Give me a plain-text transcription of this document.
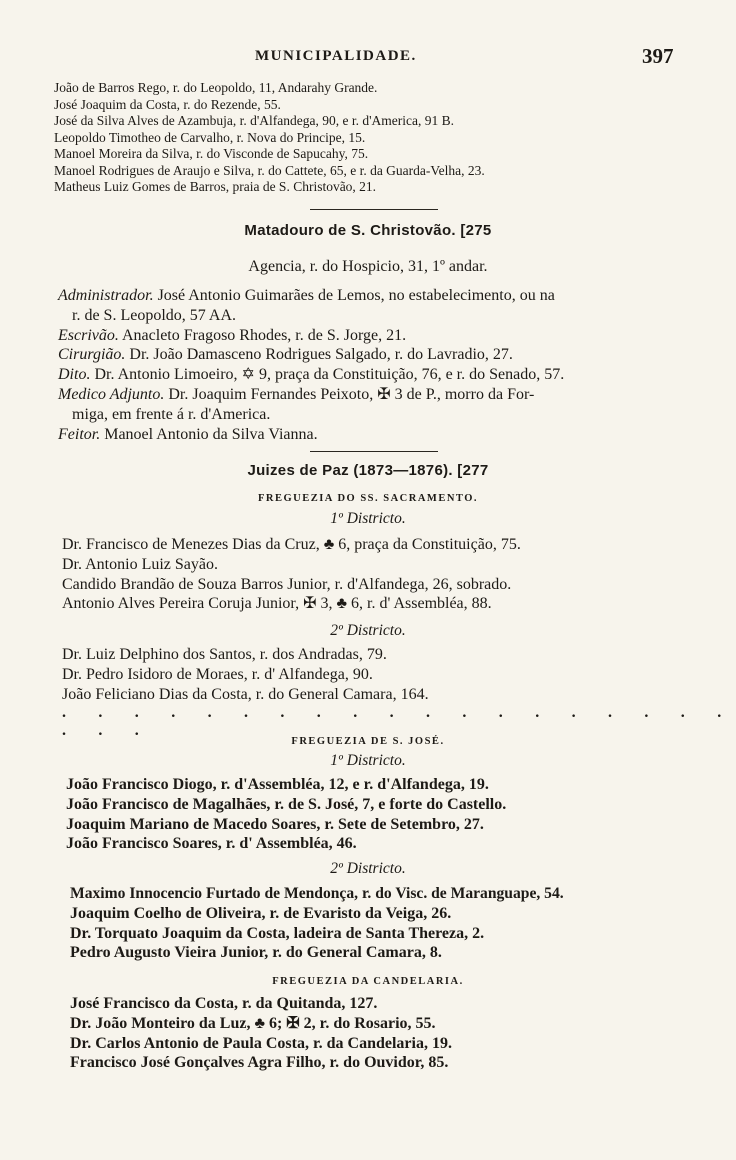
MUNICIPALIDADE.	397
João de Barros Rego, r. do Leopoldo, 11, Andarahy Grande.
José Joaquim da Costa, r. do Rezende, 55.
José da Silva Alves de Azambuja, r. d'Alfandega, 90, e r. d'America, 91 B.
Leopoldo Timotheo de Carvalho, r. Nova do Principe, 15.
Manoel Moreira da Silva, r. do Visconde de Sapucahy, 75.
Manoel Rodrigues de Araujo e Silva, r. do Cattete, 65, e r. da Guarda-Velha, 23.
Matheus Luiz Gomes de Barros, praia de S. Christovão, 21.
Matadouro de S. Christovão. [275
Agencia, r. do Hospicio, 31, 1º andar.
Administrador. José Antonio Guimarães de Lemos, no estabelecimento, ou na
r. de S. Leopoldo, 57 AA.
Escrivão. Anacleto Fragoso Rhodes, r. de S. Jorge, 21.
Cirurgião. Dr. João Damasceno Rodrigues Salgado, r. do Lavradio, 27.
Dito. Dr. Antonio Limoeiro, ✡ 9, praça da Constituição, 76, e r. do Senado, 57.
Medico Adjunto. Dr. Joaquim Fernandes Peixoto, ✠ 3 de P., morro da For-
miga, em frente á r. d'America.
Feitor. Manoel Antonio da Silva Vianna.
Juizes de Paz (1873—1876). [277
FREGUEZIA DO SS. SACRAMENTO.
1º Districto.
Dr. Francisco de Menezes Dias da Cruz, ♣ 6, praça da Constituição, 75.
Dr. Antonio Luiz Sayão.
Candido Brandão de Souza Barros Junior, r. d'Alfandega, 26, sobrado.
Antonio Alves Pereira Coruja Junior, ✠ 3, ♣ 6, r. d' Assembléa, 88.
2º Districto.
Dr. Luiz Delphino dos Santos, r. dos Andradas, 79.
Dr. Pedro Isidoro de Moraes, r. d' Alfandega, 90.
João Feliciano Dias da Costa, r. do General Camara, 164.
. . . . . . . . . . . . . . . . . . . . . .
FREGUEZIA DE S. JOSÉ.
1º Districto.
João Francisco Diogo, r. d'Assembléa, 12, e r. d'Alfandega, 19.
João Francisco de Magalhães, r. de S. José, 7, e forte do Castello.
Joaquim Mariano de Macedo Soares, r. Sete de Setembro, 27.
João Francisco Soares, r. d' Assembléa, 46.
2º Districto.
Maximo Innocencio Furtado de Mendonça, r. do Visc. de Maranguape, 54.
Joaquim Coelho de Oliveira, r. de Evaristo da Veiga, 26.
Dr. Torquato Joaquim da Costa, ladeira de Santa Thereza, 2.
Pedro Augusto Vieira Junior, r. do General Camara, 8.
FREGUEZIA DA CANDELARIA.
José Francisco da Costa, r. da Quitanda, 127.
Dr. João Monteiro da Luz, ♣ 6; ✠ 2, r. do Rosario, 55.
Dr. Carlos Antonio de Paula Costa, r. da Candelaria, 19.
Francisco José Gonçalves Agra Filho, r. do Ouvidor, 85.
